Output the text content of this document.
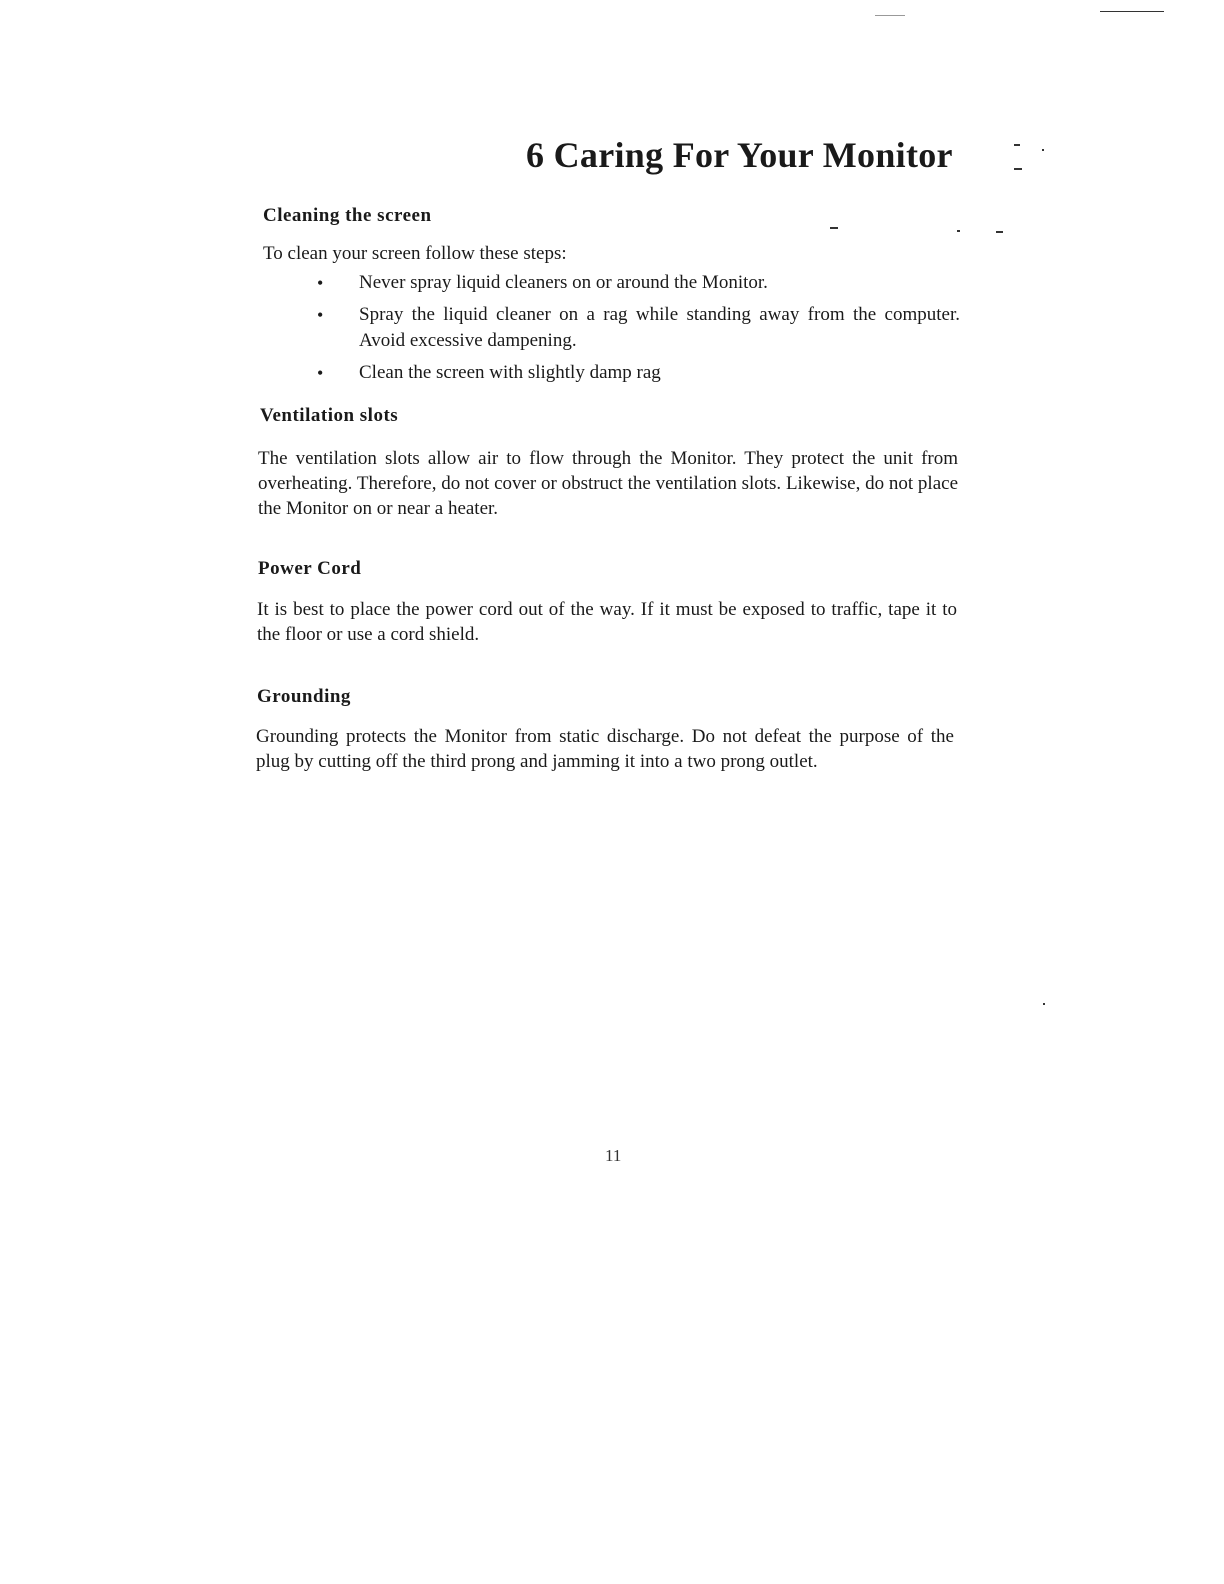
6 Caring For Your Monitor
Cleaning the screen
To clean your screen follow these steps:
• Never spray liquid cleaners on or around the Monitor.
• Spray the liquid cleaner on a rag while standing away from the computer. Avoid excessive dampening.
• Clean the screen with slightly damp rag
Ventilation slots
The ventilation slots allow air to flow through the Monitor. They protect the unit from overheating. Therefore, do not cover or obstruct the ventilation slots. Likewise, do not place the Monitor on or near a heater.
Power Cord
It is best to place the power cord out of the way. If it must be exposed to traffic, tape it to the floor or use a cord shield.
Grounding
Grounding protects the Monitor from static discharge. Do not defeat the purpose of the plug by cutting off the third prong and jamming it into a two prong outlet.
11
